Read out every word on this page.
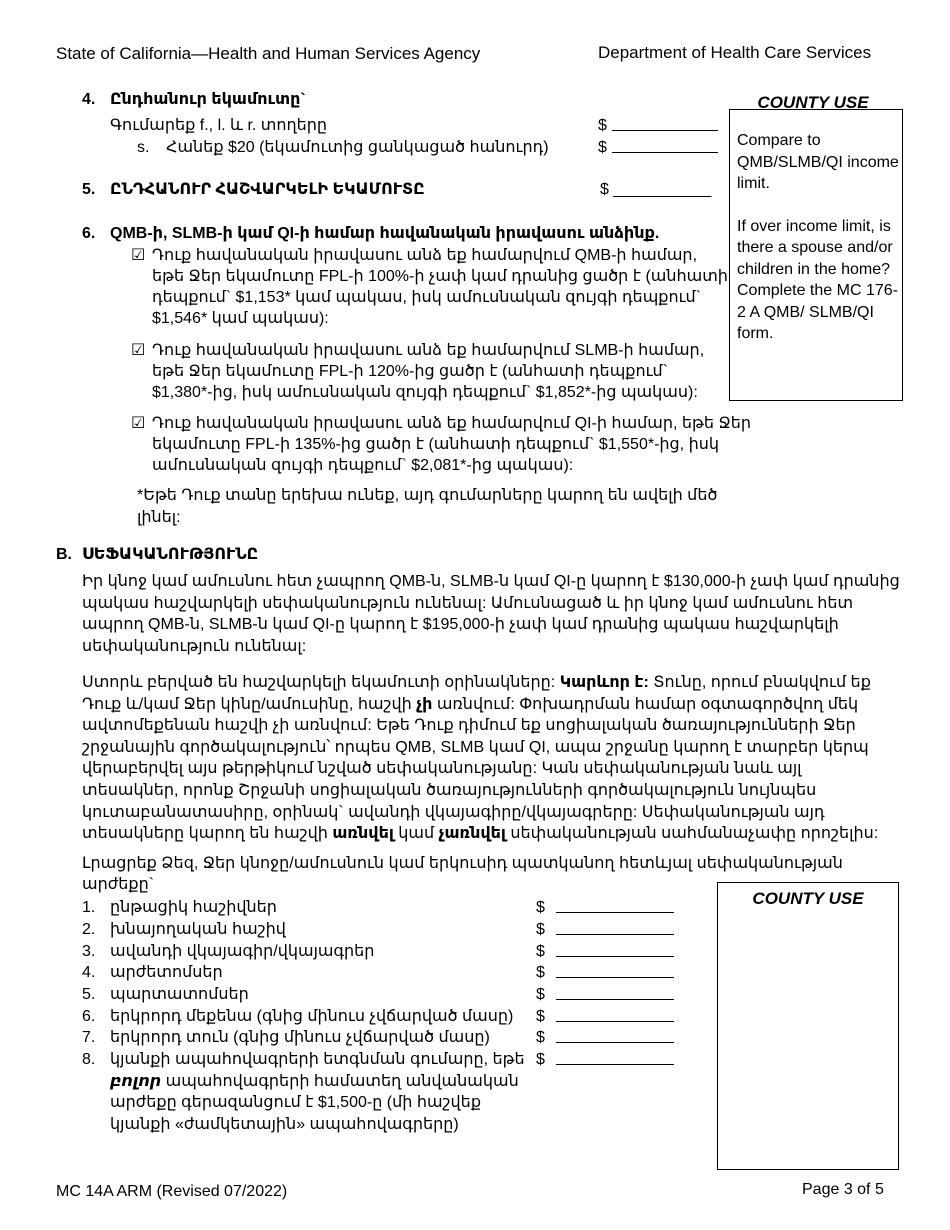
State of California—Health and Human Services Agency	Department of Health Care Services
COUNTY USE

Compare to QMB/SLMB/QI income limit.

If over income limit, is there a spouse and/or children in the home? Complete the MC 176-2 A QMB/ SLMB/QI form.

4. Ընդհանուր եկամուտը`
Գումարեք f., l. և r. տողերը	$
s. Հանեք $20 (եկամուտից ցանկացած հանուրդ)	$
5. ԸՆԴՀԱՆՈՒՐ ՀԱՇՎԱՐԿԵԼԻ ԵԿԱՄՈՒՏԸ	$ ___________
6. QMB-ի, SLMB-ի կամ QI-ի համար հավանական իրավասու անձինք.
☑ Դուք հավանական իրավասու անձ եք համարվում QMB-ի համար, եթե Ջեր եկամուտը FPL-ի 100%-ի չափ կամ դրանից ցածր է (անհատի դեպքում` $1,153* կամ պակաս, իսկ ամուսնական զույգի դեպքում` $1,546* կամ պակաս):
☑ Դուք հավանական իրավասու անձ եք համարվում SLMB-ի համար, եթե Ջեր եկամուտը FPL-ի 120%-ից ցածր է (անհատի դեպքում` $1,380*-ից, իսկ ամուսնական զույգի դեպքում` $1,852*-ից պակաս):
☑ Դուք հավանական իրավասու անձ եք համարվում QI-ի համար, եթե Ջեր եկամուտը FPL-ի 135%-ից ցածր է (անհատի դեպքում` $1,550*-ից, իսկ ամուսնական զույգի դեպքում` $2,081*-ից պակաս):
*Եթե Դուք տանը երեխա ունեք, այդ գումարները կարող են ավելի մեծ լինել:
B. ՍԵՖԱԿԱՆՈՒԹՅՈՒՆԸ
Իր կնոջ կամ ամուսնու հետ չապրող QMB-ն, SLMB-ն կամ QI-ը կարող է $130,000-ի չափ կամ դրանից պակաս հաշվարկելի սեփականություն ունենալ: Ամուսնացած և իր կնոջ կամ ամուսնու հետ ապրող QMB-ն, SLMB-ն կամ QI-ը կարող է $195,000-ի չափ կամ դրանից պակաս հաշվարկելի սեփականություն ունենալ:
Ստորև բերված են հաշվարկելի եկամուտի օրինակները: Կարևոր է: Տունը, որում բնակվում եք Դուք և/կամ Ջեր կինը/ամուսինը, հաշվի չի առնվում: Փոխադրման համար օգտագործվող մեկ ավտոմեքենան հաշվի չի առնվում: Եթե Դուք դիմում եք սոցիալական ծառայությունների Ջեր շրջանային գործակալություն՝ որպես QMB, SLMB կամ QI, ապա շրջանը կարող է տարբեր կերպ վերաբերվել այս թերթիկում նշված սեփականությանը: Կան սեփականության նաև այլ տեսակներ, որոնք Շրջանի սոցիալական ծառայությունների գործակալություն նույնպես կուտաբանատասիրը, օրինակ` ավանդի վկայագիրը/վկայագրերը: Սեփականության այդ տեսակները կարող են հաշվի առնվել կամ չառնվել սեփականության սահմանաչափը որոշելիս:
Լրացրեք Ձեզ, Ջեր կնոջը/ամուսնուն կամ երկուսիդ պատկանող հետևյալ սեփականության արժեքը`
COUNTY USE
1. ընթացիկ հաշիվներ	$
2. խնայողական հաշիվ	$
3. ավանդի վկայագիր/վկայագրեր	$
4. արժետոմսեր	$
5. պարտատոմսեր	$
6. երկրորդ մեքենա (գնից մինուս չվճարված մասը) $
7. երկրորդ տուն (գնից մինուս չվճարված մասը)	$
8. կյանքի ապահովագրերի ետգնման գումարը, եթե բոլոր ապահովագրերի համատեղ անվանական արժեքը գերազանցում է $1,500-ը (մի հաշվեք կյանքի «ժամկետային» ապահովագրերը)
$
MC 14A ARM (Revised 07/2022)	Page 3 of 5
